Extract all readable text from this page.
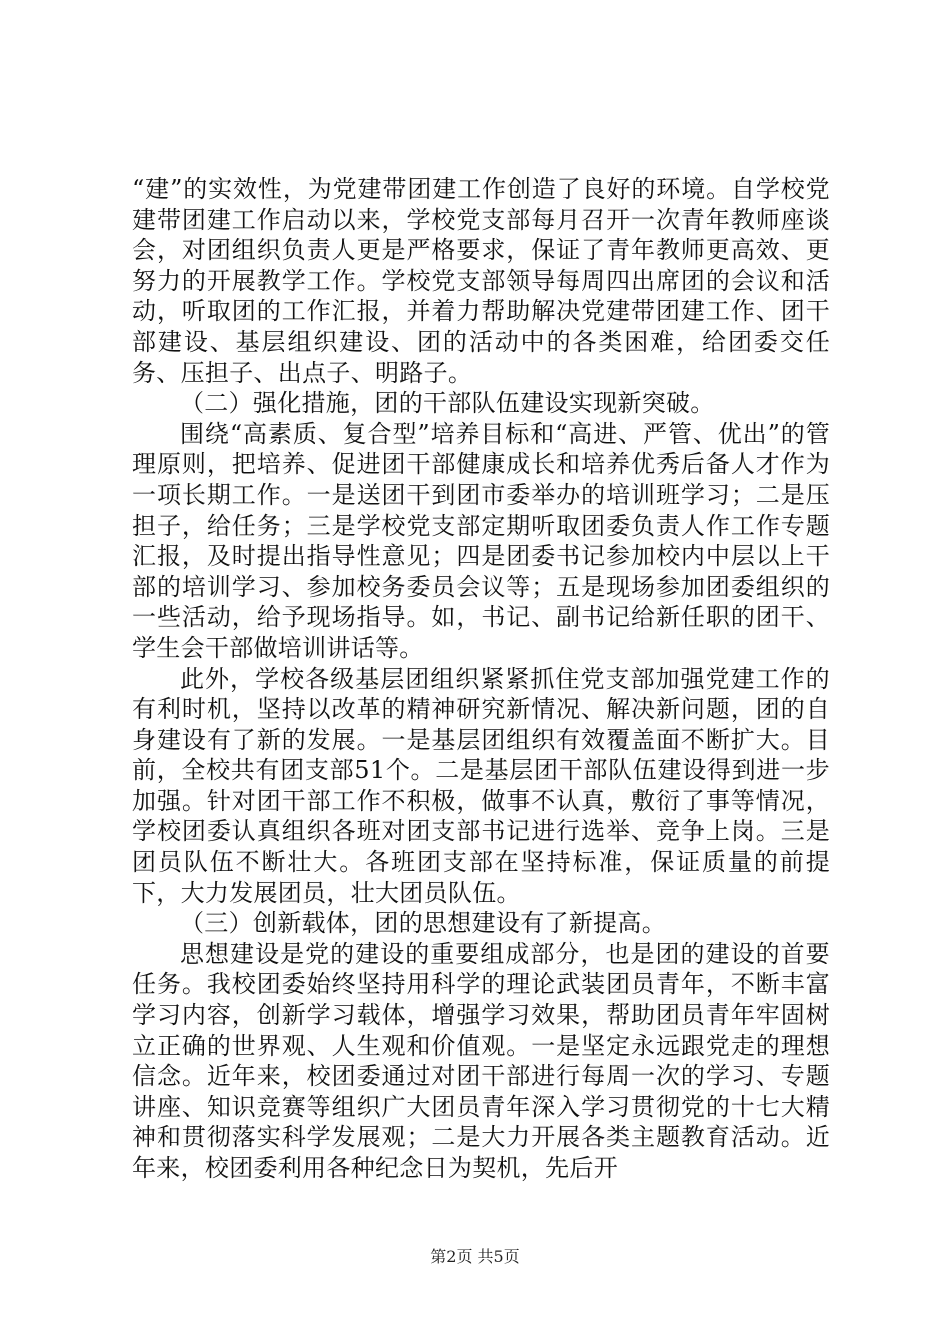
“建”的实效性，为党建带团建工作创造了良好的环境。自学校党建带团建工作启动以来，学校党支部每月召开一次青年教师座谈会，对团组织负责人更是严格要求，保证了青年教师更高效、更努力的开展教学工作。学校党支部领导每周四出席团的会议和活动，听取团的工作汇报，并着力帮助解决党建带团建工作、团干部建设、基层组织建设、团的活动中的各类困难，给团委交任务、压担子、出点子、明路子。

（二）强化措施，团的干部队伍建设实现新突破。

围绕“高素质、复合型”培养目标和“高进、严管、优出”的管理原则，把培养、促进团干部健康成长和培养优秀后备人才作为一项长期工作。一是送团干到团市委举办的培训班学习；二是压担子，给任务；三是学校党支部定期听取团委负责人作工作专题汇报，及时提出指导性意见；四是团委书记参加校内中层以上干部的培训学习、参加校务委员会议等；五是现场参加团委组织的一些活动，给予现场指导。如，书记、副书记给新任职的团干、学生会干部做培训讲话等。

此外，学校各级基层团组织紧紧抓住党支部加强党建工作的有利时机，坚持以改革的精神研究新情况、解决新问题，团的自身建设有了新的发展。一是基层团组织有效覆盖面不断扩大。目前，全校共有团支部51个。二是基层团干部队伍建设得到进一步加强。针对团干部工作不积极，做事不认真，敷衍了事等情况，学校团委认真组织各班对团支部书记进行选举、竞争上岗。三是团员队伍不断壮大。各班团支部在坚持标准，保证质量的前提下，大力发展团员，壮大团员队伍。

（三）创新载体，团的思想建设有了新提高。

思想建设是党的建设的重要组成部分，也是团的建设的首要任务。我校团委始终坚持用科学的理论武装团员青年，不断丰富学习内容，创新学习载体，增强学习效果，帮助团员青年牢固树立正确的世界观、人生观和价值观。一是坚定永远跟党走的理想信念。近年来，校团委通过对团干部进行每周一次的学习、专题讲座、知识竞赛等组织广大团员青年深入学习贯彻党的十七大精神和贯彻落实科学发展观；二是大力开展各类主题教育活动。近年来，校团委利用各种纪念日为契机，先后开

第2页 共5页
